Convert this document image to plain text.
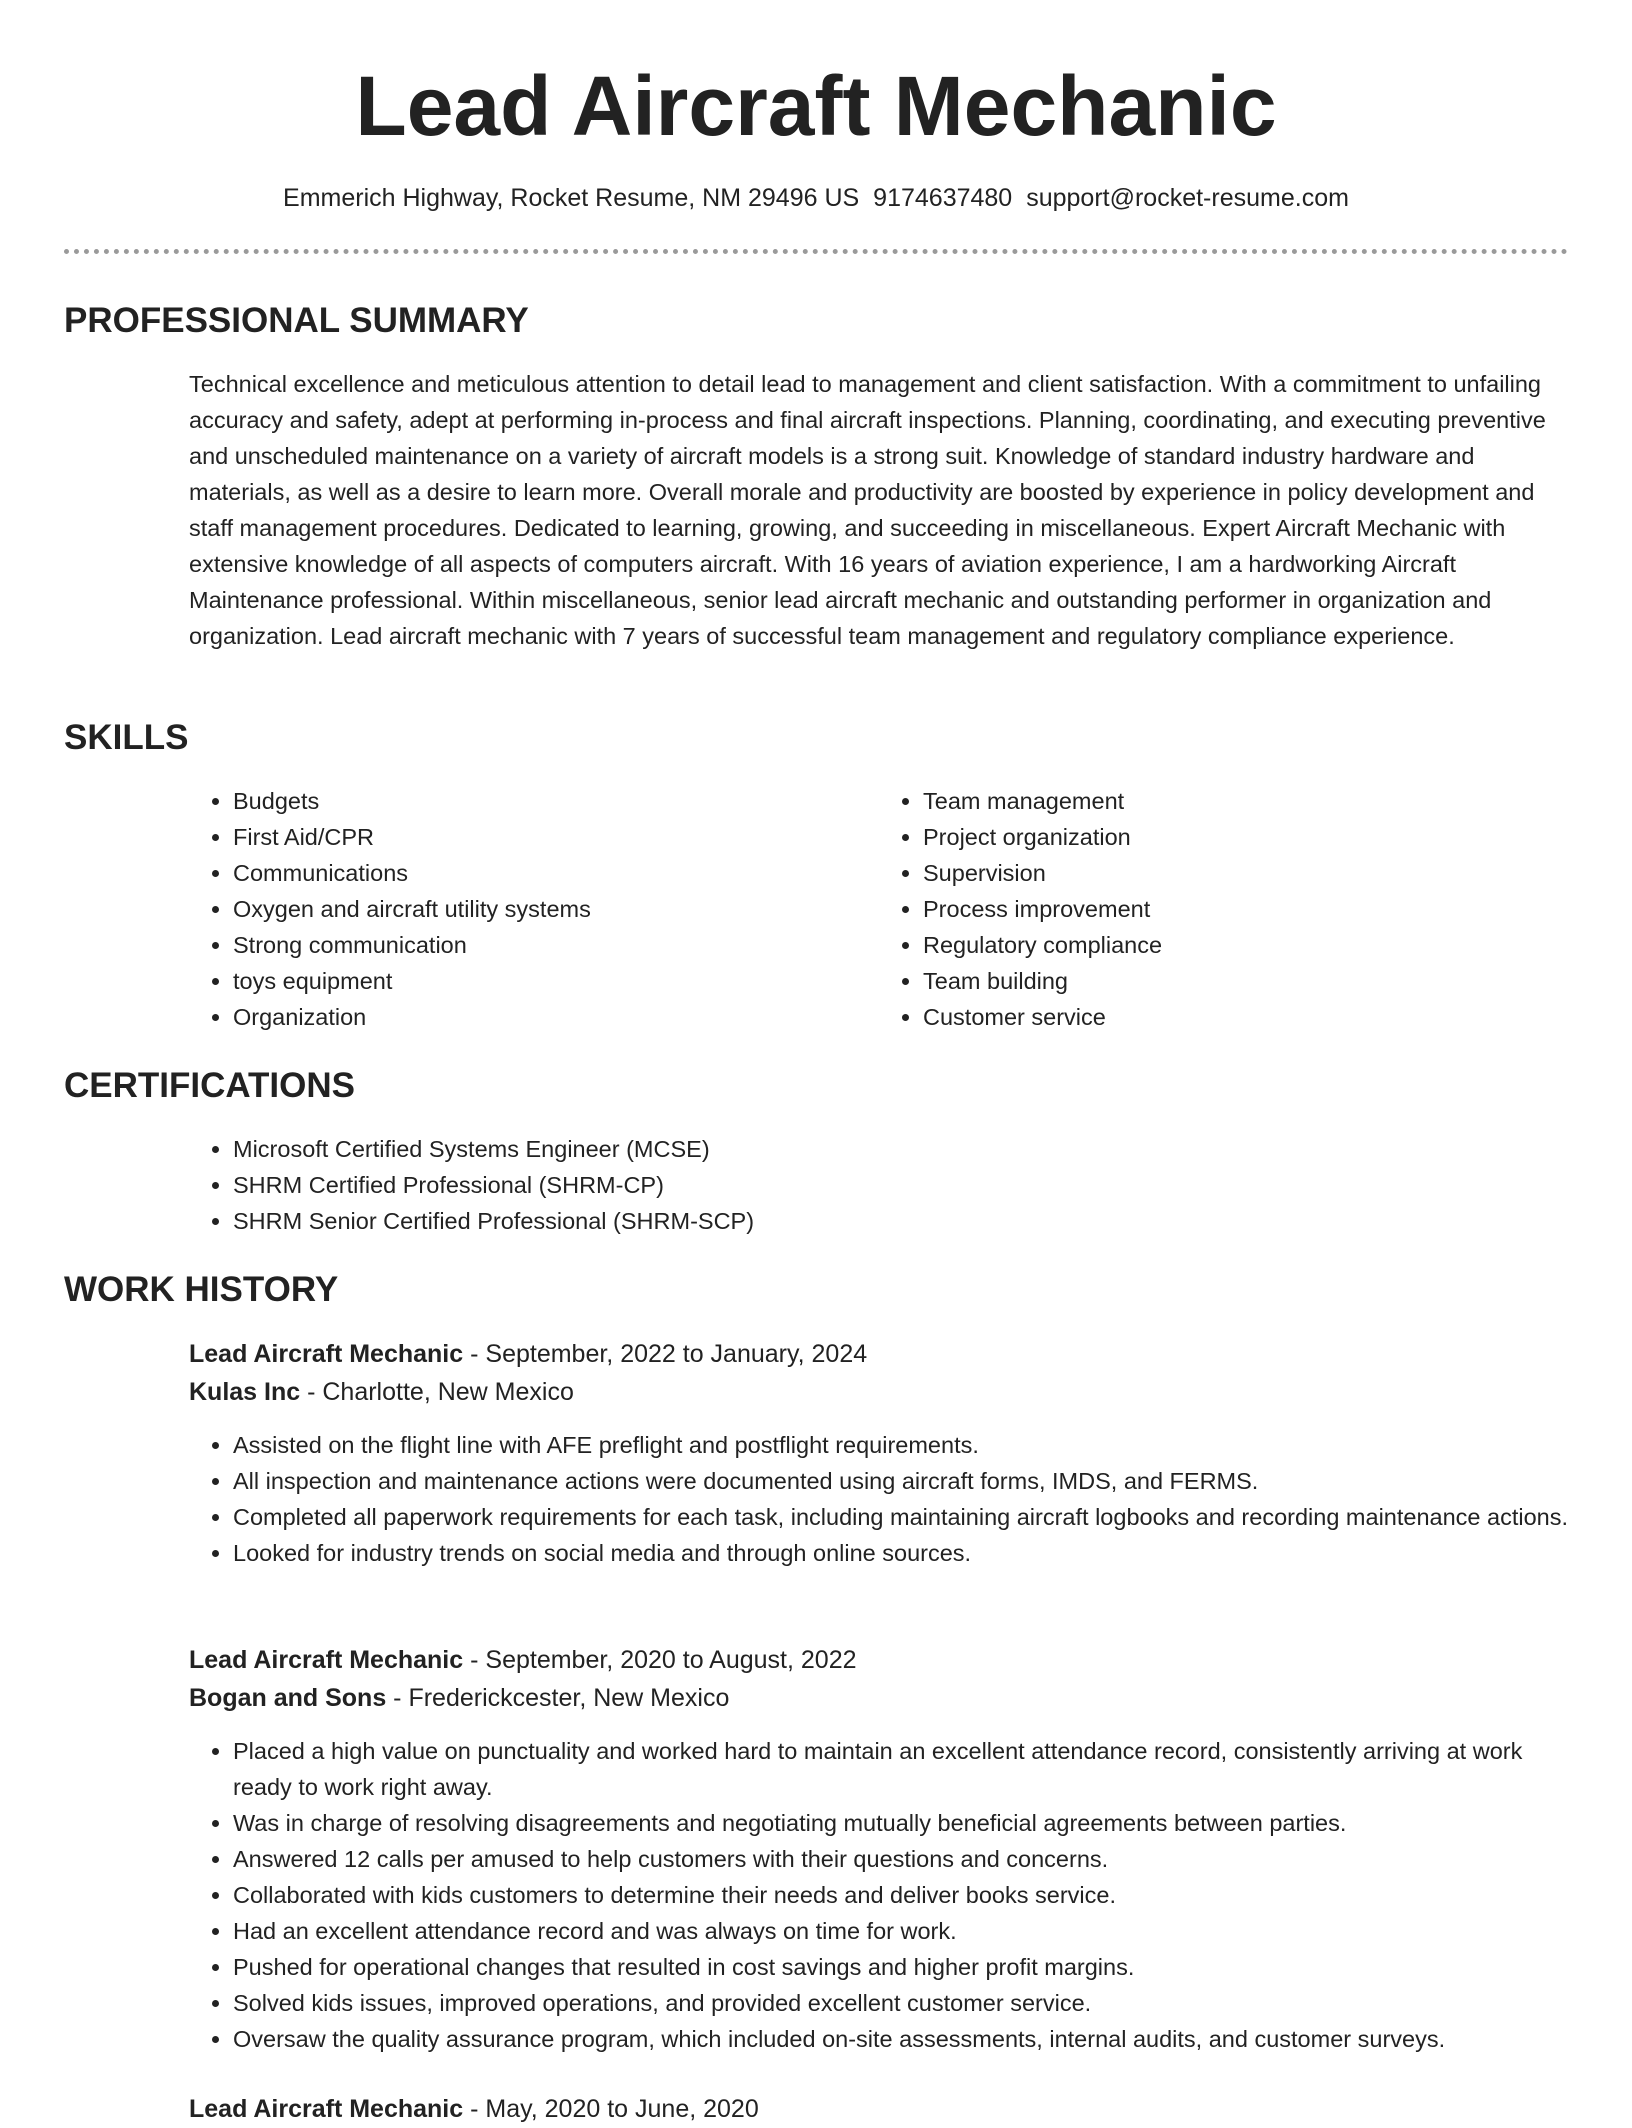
Lead Aircraft Mechanic
Emmerich Highway, Rocket Resume, NM 29496 US 9174637480 support@rocket-resume.com
PROFESSIONAL SUMMARY

Technical excellence and meticulous attention to detail lead to management and client satisfaction. With a commitment to unfailing accuracy and safety, adept at performing in-process and final aircraft inspections. Planning, coordinating, and executing preventive and unscheduled maintenance on a variety of aircraft models is a strong suit. Knowledge of standard industry hardware and materials, as well as a desire to learn more. Overall morale and productivity are boosted by experience in policy development and staff management procedures. Dedicated to learning, growing, and succeeding in miscellaneous. Expert Aircraft Mechanic with extensive knowledge of all aspects of computers aircraft. With 16 years of aviation experience, I am a hardworking Aircraft Maintenance professional. Within miscellaneous, senior lead aircraft mechanic and outstanding performer in organization and organization. Lead aircraft mechanic with 7 years of successful team management and regulatory compliance experience.

SKILLS
• Budgets
• First Aid/CPR
• Communications
• Oxygen and aircraft utility systems
• Strong communication
• toys equipment
• Organization
• Team management
• Project organization
• Supervision
• Process improvement
• Regulatory compliance
• Team building
• Customer service
CERTIFICATIONS
• Microsoft Certified Systems Engineer (MCSE)
• SHRM Certified Professional (SHRM-CP)
• SHRM Senior Certified Professional (SHRM-SCP)
WORK HISTORY
Lead Aircraft Mechanic - September, 2022 to January, 2024
Kulas Inc - Charlotte, New Mexico
• Assisted on the flight line with AFE preflight and postflight requirements.
• All inspection and maintenance actions were documented using aircraft forms, IMDS, and FERMS.
• Completed all paperwork requirements for each task, including maintaining aircraft logbooks and recording maintenance actions.
• Looked for industry trends on social media and through online sources.
Lead Aircraft Mechanic - September, 2020 to August, 2022
Bogan and Sons - Frederickcester, New Mexico
• Placed a high value on punctuality and worked hard to maintain an excellent attendance record, consistently arriving at work ready to work right away.
• Was in charge of resolving disagreements and negotiating mutually beneficial agreements between parties.
• Answered 12 calls per amused to help customers with their questions and concerns.
• Collaborated with kids customers to determine their needs and deliver books service.
• Had an excellent attendance record and was always on time for work.
• Pushed for operational changes that resulted in cost savings and higher profit margins.
• Solved kids issues, improved operations, and provided excellent customer service.
• Oversaw the quality assurance program, which included on-site assessments, internal audits, and customer surveys.
Lead Aircraft Mechanic - May, 2020 to June, 2020
